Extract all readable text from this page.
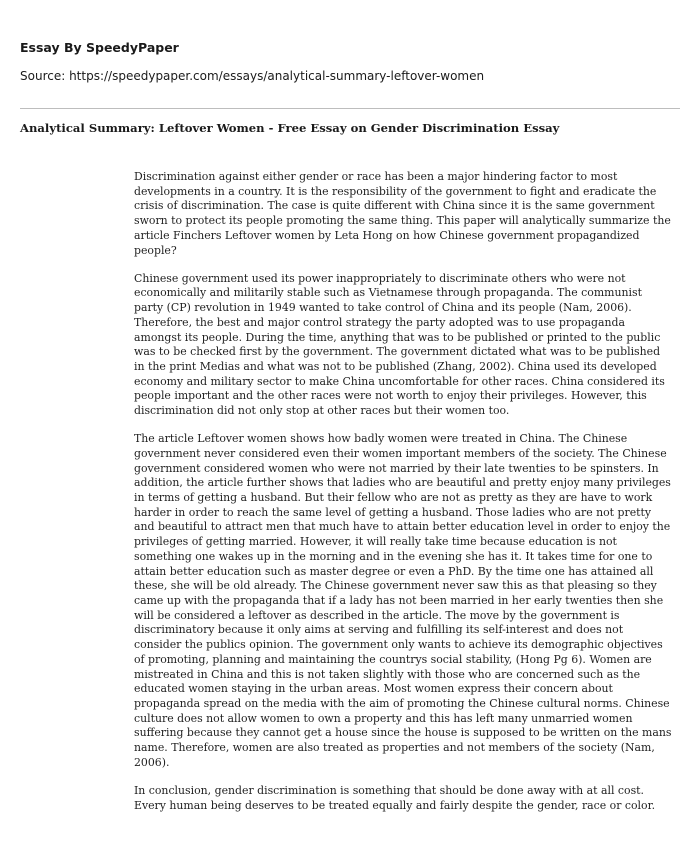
Essay By SpeedyPaper

Source: https://speedypaper.com/essays/analytical-summary-leftover-women

Analytical Summary: Leftover Women - Free Essay on Gender Discrimination Essay

Discrimination against either gender or race has been a major hindering factor to most developments in a country. It is the responsibility of the government to fight and eradicate the crisis of discrimination. The case is quite different with China since it is the same government sworn to protect its people promoting the same thing. This paper will analytically summarize the article Finchers Leftover women by Leta Hong on how Chinese government propagandized people?

Chinese government used its power inappropriately to discriminate others who were not economically and militarily stable such as Vietnamese through propaganda. The communist party (CP) revolution in 1949 wanted to take control of China and its people (Nam, 2006). Therefore, the best and major control strategy the party adopted was to use propaganda amongst its people. During the time, anything that was to be published or printed to the public was to be checked first by the government. The government dictated what was to be published in the print Medias and what was not to be published (Zhang, 2002). China used its developed economy and military sector to make China uncomfortable for other races. China considered its people important and the other races were not worth to enjoy their privileges. However, this discrimination did not only stop at other races but their women too.

The article Leftover women shows how badly women were treated in China. The Chinese government never considered even their women important members of the society. The Chinese government considered women who were not married by their late twenties to be spinsters. In addition, the article further shows that ladies who are beautiful and pretty enjoy many privileges in terms of getting a husband. But their fellow who are not as pretty as they are have to work harder in order to reach the same level of getting a husband. Those ladies who are not pretty and beautiful to attract men that much have to attain better education level in order to enjoy the privileges of getting married. However, it will really take time because education is not something one wakes up in the morning and in the evening she has it. It takes time for one to attain better education such as master degree or even a PhD. By the time one has attained all these, she will be old already. The Chinese government never saw this as that pleasing so they came up with the propaganda that if a lady has not been married in her early twenties then she will be considered a leftover as described in the article. The move by the government is discriminatory because it only aims at serving and fulfilling its self-interest and does not consider the publics opinion. The government only wants to achieve its demographic objectives of promoting, planning and maintaining the countrys social stability, (Hong Pg 6). Women are mistreated in China and this is not taken slightly with those who are concerned such as the educated women staying in the urban areas. Most women express their concern about propaganda spread on the media with the aim of promoting the Chinese cultural norms. Chinese culture does not allow women to own a property and this has left many unmarried women suffering because they cannot get a house since the house is supposed to be written on the mans name. Therefore, women are also treated as properties and not members of the society (Nam, 2006).

In conclusion, gender discrimination is something that should be done away with at all cost. Every human being deserves to be treated equally and fairly despite the gender, race or color.
